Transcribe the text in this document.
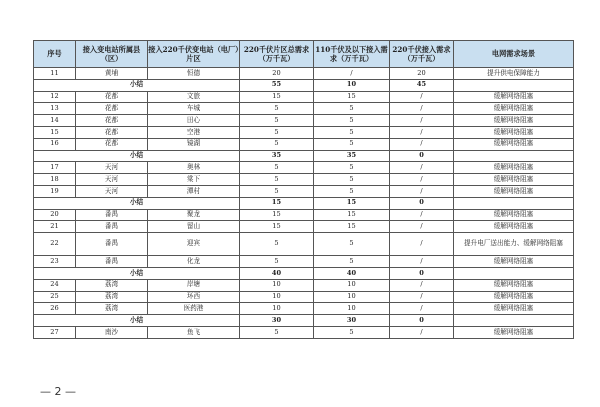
序号	接入变电站所属县（区）	接入220千伏变电站（电厂）片区	220千伏片区总需求（万千瓦）	110千伏及以下接入需求（万千瓦）	220千伏接入需求（万千瓦）	电网需求场景
11	黄埔	恒德	20	/	20	提升供电保障能力
小结			55	10	45	
12	花都	文旅	15	15	/	缓解网络阻塞
13	花都	车城	5	5	/	缓解网络阻塞
14	花都	田心	5	5	/	缓解网络阻塞
15	花都	空港	5	5	/	缓解网络阻塞
16	花都	镜湖	5	5	/	缓解网络阻塞
小结			35	35	0	
17	天河	奥林	5	5	/	缓解网络阻塞
18	天河	棠下	5	5	/	缓解网络阻塞
19	天河	潭村	5	5	/	缓解网络阻塞
小结			15	15	0	
20	番禺	聚龙	15	15	/	缓解网络阻塞
21	番禺	留山	15	15	/	缓解网络阻塞
22	番禺	迎宾	5	5	/	提升电厂送出能力、缓解网络阻塞
23	番禺	化龙	5	5	/	缓解网络阻塞
小结			40	40	0	
24	荔湾	岸塘	10	10	/	缓解网络阻塞
25	荔湾	环西	10	10	/	缓解网络阻塞
26	荔湾	医药港	10	10	/	缓解网络阻塞
小结			30	30	0	
27	南沙	鱼飞	5	5	/	缓解网络阻塞
— 2 —
